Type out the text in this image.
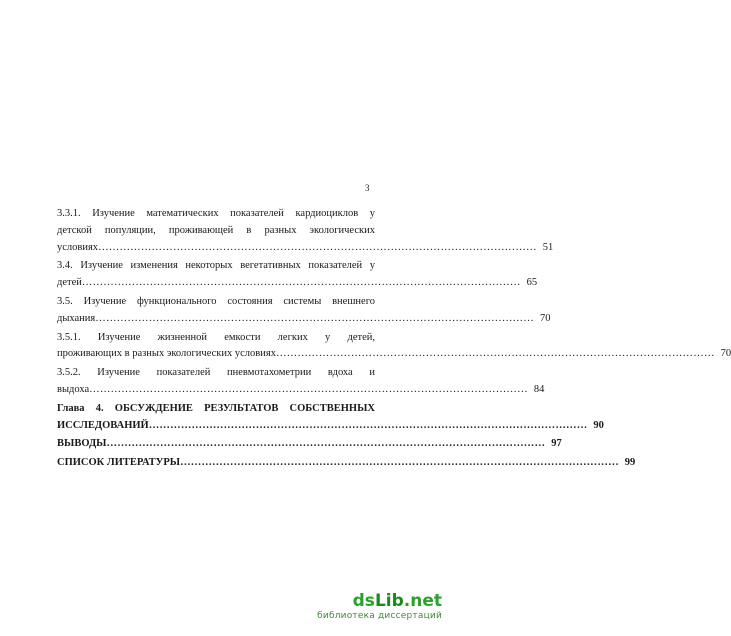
3
3.3.1. Изучение математических показателей кардиоциклов у
детской популяции, проживающей в разных экологических
условиях …………………………………………………………………………………………………………… 51
3.4. Изучение изменения некоторых вегетативных показателей у
детей …………………………………………………………………………………………………………… 65
3.5. Изучение функционального состояния системы внешнего
дыхания …………………………………………………………………………………………………………… 70
3.5.1. Изучение жизненной емкости легких у детей,
проживающих в разных экологических условиях …………………………………………………………………………………………………………… 70
3.5.2. Изучение показателей пневмотахометрии вдоха и
выдоха …………………………………………………………………………………………………………… 84
Глава 4. ОБСУЖДЕНИЕ РЕЗУЛЬТАТОВ СОБСТВЕННЫХ
ИССЛЕДОВАНИЙ …………………………………………………………………………………………………………… 90
ВЫВОДЫ …………………………………………………………………………………………………………… 97
СПИСОК ЛИТЕРАТУРЫ …………………………………………………………………………………………………………… 99
ds Lib .net
библиотека диссертаций
